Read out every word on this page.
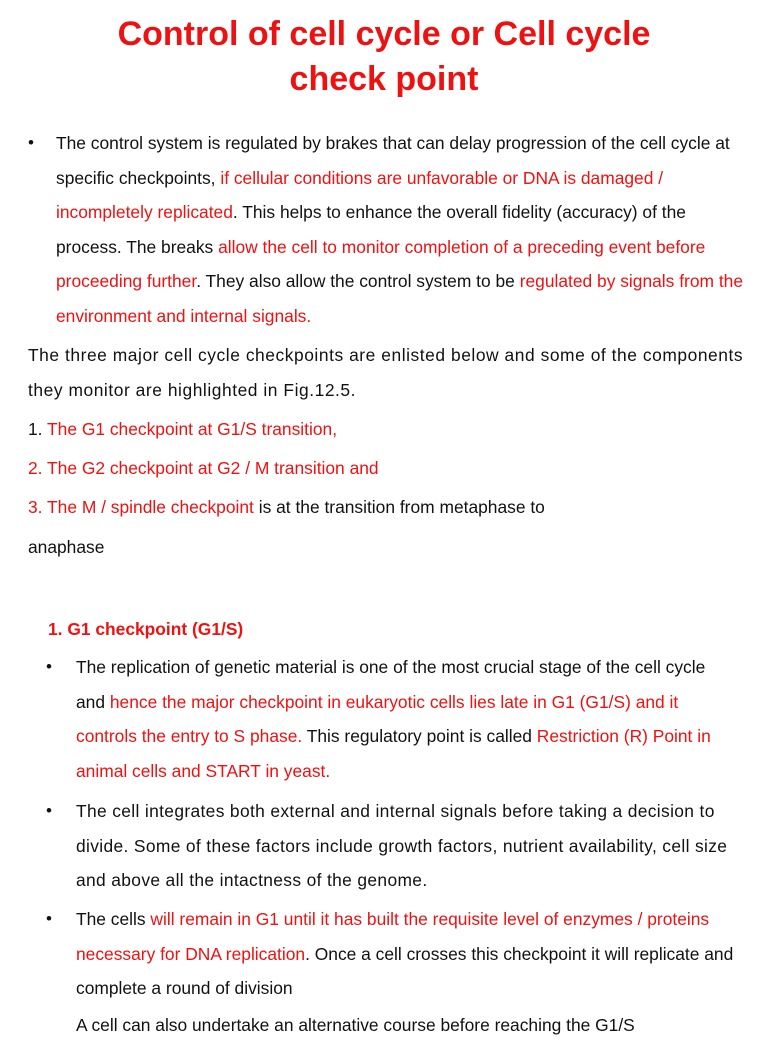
Control of cell cycle or Cell cycle
check point
• The control system is regulated by brakes that can delay progression of the cell cycle at specific checkpoints, if cellular conditions are unfavorable or DNA is damaged / incompletely replicated. This helps to enhance the overall fidelity (accuracy) of the process. The breaks allow the cell to monitor completion of a preceding event before proceeding further. They also allow the control system to be regulated by signals from the environment and internal signals.

The three major cell cycle checkpoints are enlisted below and some of the components they monitor are highlighted in Fig.12.5.

1. The G1 checkpoint at G1/S transition,

2. The G2 checkpoint at G2 / M transition and

3. The M / spindle checkpoint is at the transition from metaphase to

anaphase

1. G1 checkpoint (G1/S)
• The replication of genetic material is one of the most crucial stage of the cell cycle and hence the major checkpoint in eukaryotic cells lies late in G1 (G1/S) and it controls the entry to S phase. This regulatory point is called Restriction (R) Point in animal cells and START in yeast.

• The cell integrates both external and internal signals before taking a decision to divide. Some of these factors include growth factors, nutrient availability, cell size and above all the intactness of the genome.

• The cells will remain in G1 until it has built the requisite level of enzymes / proteins necessary for DNA replication. Once a cell crosses this checkpoint it will replicate and complete a round of division

A cell can also undertake an alternative course before reaching the G1/S
